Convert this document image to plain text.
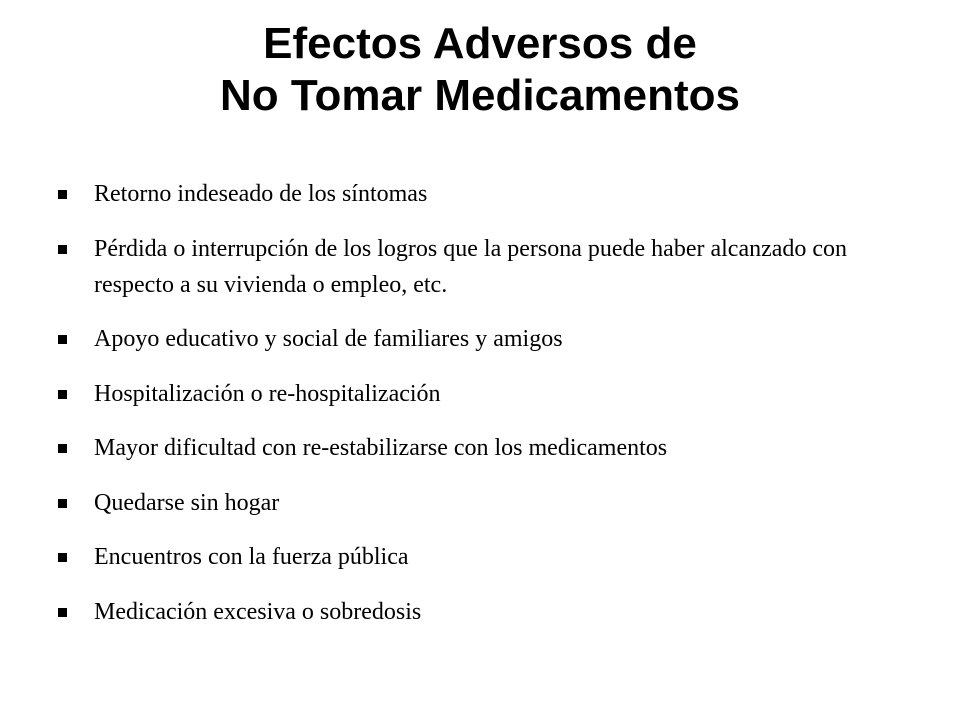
Efectos Adversos de
No Tomar Medicamentos
Retorno indeseado de los síntomas
Pérdida o interrupción de los logros que la persona puede haber alcanzado con respecto a su vivienda o empleo, etc.
Apoyo educativo y social de familiares y amigos
Hospitalización o re-hospitalización
Mayor dificultad con re-estabilizarse con los medicamentos
Quedarse sin hogar
Encuentros con la fuerza pública
Medicación excesiva o sobredosis
